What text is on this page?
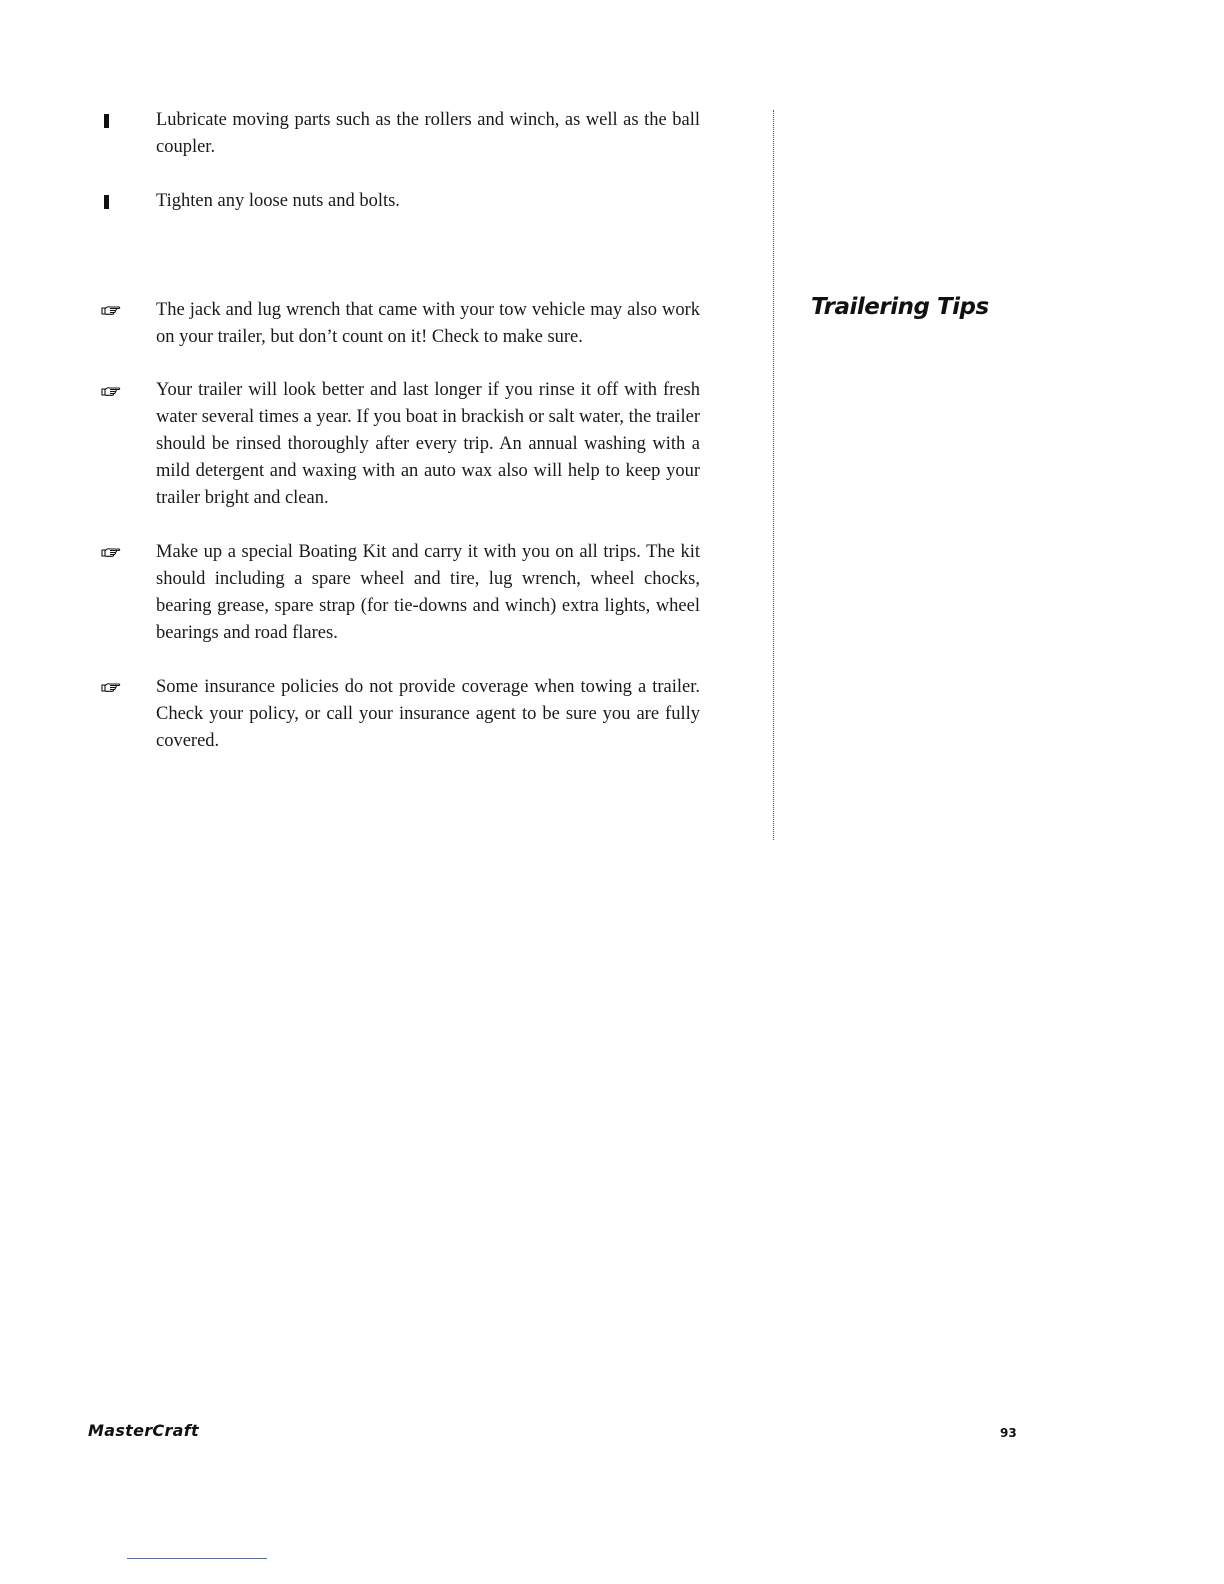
Lubricate moving parts such as the rollers and winch, as well as the ball coupler.
Tighten any loose nuts and bolts.
The jack and lug wrench that came with your tow vehicle may also work on your trailer, but don’t count on it! Check to make sure.
Your trailer will look better and last longer if you rinse it off with fresh water several times a year. If you boat in brackish or salt water, the trailer should be rinsed thoroughly after every trip. An annual washing with a mild detergent and waxing with an auto wax also will help to keep your trailer bright and clean.
Make up a special Boating Kit and carry it with you on all trips. The kit should including a spare wheel and tire, lug wrench, wheel chocks, bearing grease, spare strap (for tie-downs and winch) extra lights, wheel bearings and road flares.
Some insurance policies do not provide coverage when towing a trailer. Check your policy, or call your insurance agent to be sure you are fully covered.
Trailering Tips
MasterCraft	93
